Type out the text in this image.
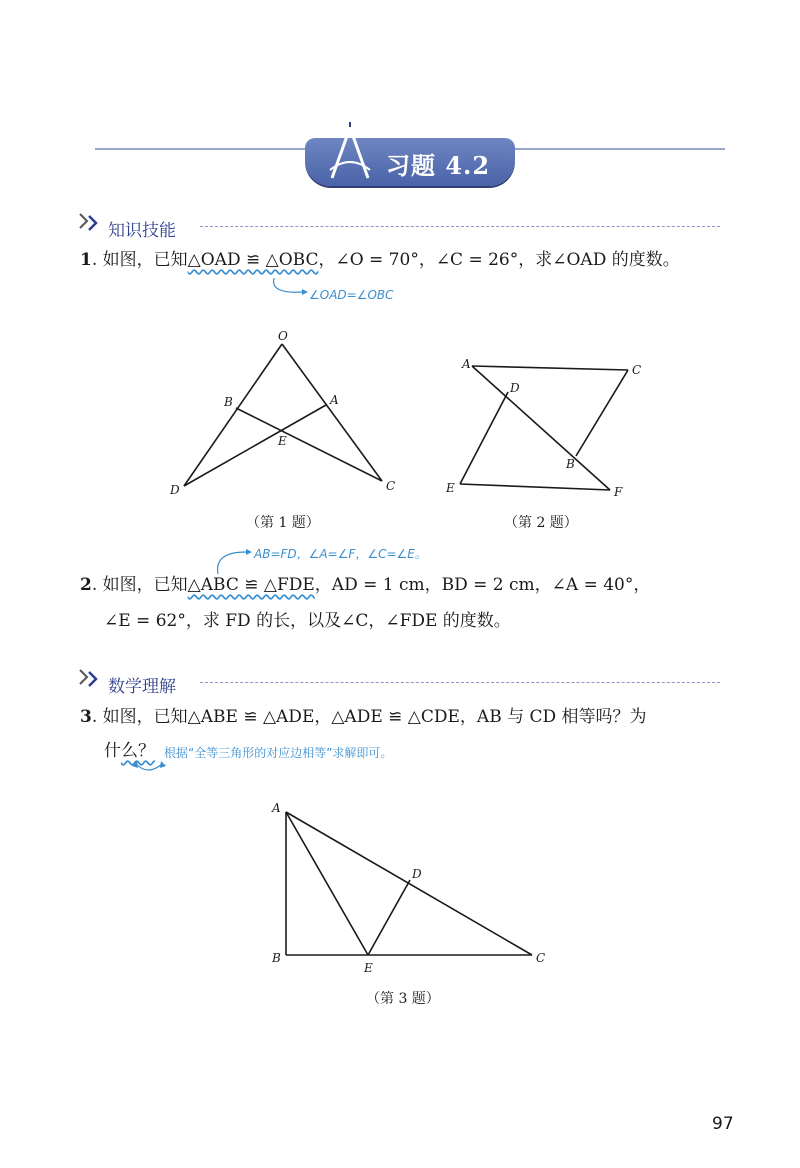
习题 4.2
知识技能
1. 如图，已知△OAD ≌ △OBC，∠O = 70°，∠C = 26°，求∠OAD 的度数。
∠OAD=∠OBC
O
B	A
E
D	C
（第 1 题）
A	C
D
B
E	F
（第 2 题）
AB=FD，∠A=∠F，∠C=∠E。
2. 如图，已知△ABC ≌ △FDE，AD = 1 cm，BD = 2 cm，∠A = 40°，
∠E = 62°，求 FD 的长，以及∠C，∠FDE 的度数。
数学理解
3. 如图，已知△ABE ≌ △ADE，△ADE ≌ △CDE，AB 与 CD 相等吗？为
什么？ 根据“全等三角形的对应边相等”求解即可。
A
D
B
E
C
（第 3 题）
97
